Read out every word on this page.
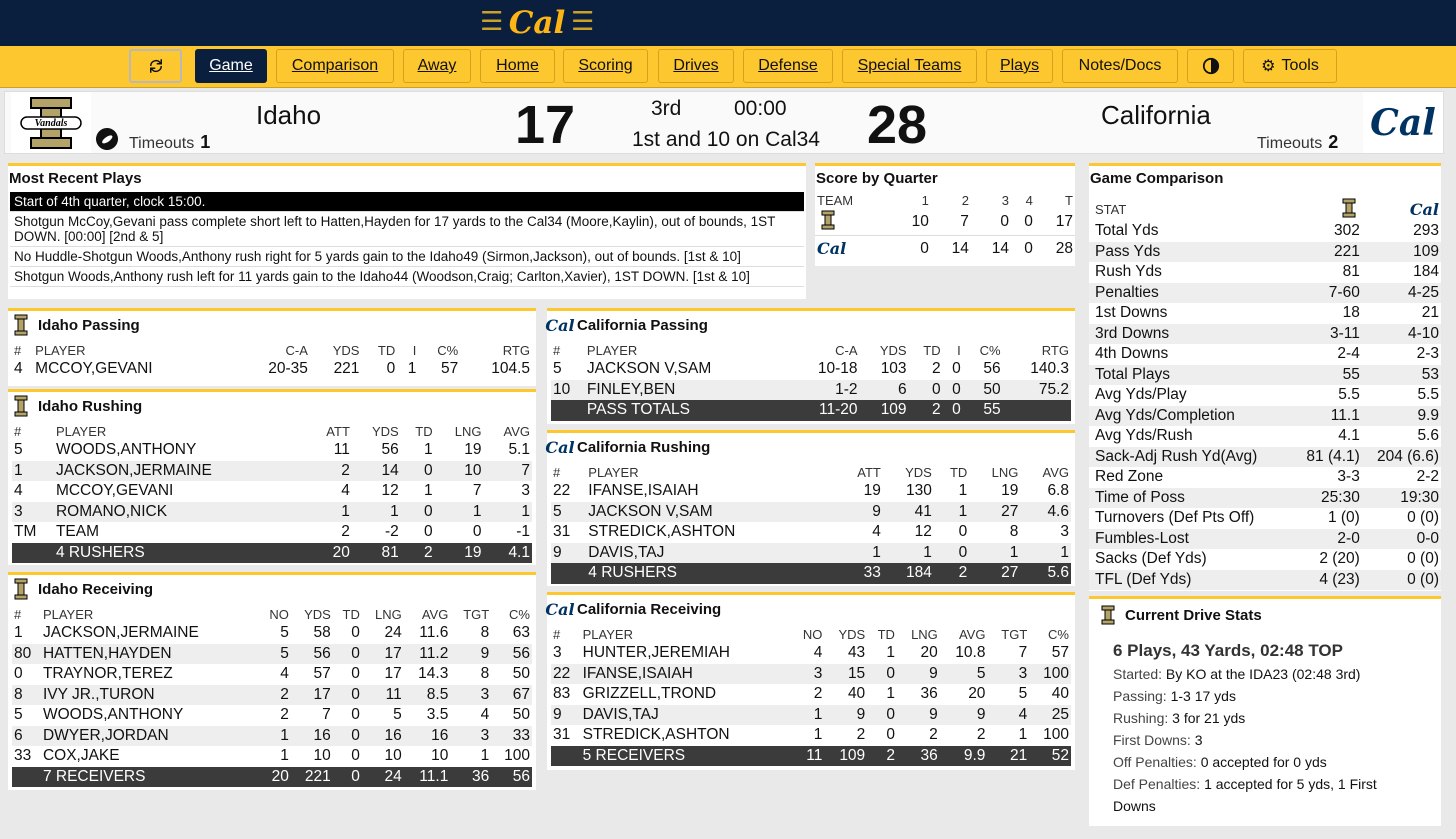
☰ Cal ☰
Game	Comparison	Away	Home	Scoring	Drives	Defense	Special Teams	Plays	Notes/Docs	⚙ Tools
Vandals
Timeouts 1
Idaho	17	3rd	00:00
1st and 10 on Cal34 28	California
Timeouts 2 Cal
Most Recent Plays
Start of 4th quarter, clock 15:00.
Shotgun McCoy,Gevani pass complete short left to Hatten,Hayden for 17 yards to the Cal34 (Moore,Kaylin), out of bounds, 1ST DOWN. [00:00] [2nd & 5]
No Huddle-Shotgun Woods,Anthony rush right for 5 yards gain to the Idaho49 (Sirmon,Jackson), out of bounds. [1st & 10]
Shotgun Woods,Anthony rush left for 11 yards gain to the Idaho44 (Woodson,Craig; Carlton,Xavier), 1ST DOWN. [1st & 10]
Score by Quarter
TEAM	1	2	3	4	T

	10	7	0	0	17
Cal	0	14	14	0	28
Game Comparison
STAT		Cal
Total Yds	302	293
Pass Yds	221	109
Rush Yds	81	184
Penalties	7-60	4-25
1st Downs	18	21
3rd Downs	3-11	4-10
4th Downs	2-4	2-3
Total Plays	55	53
Avg Yds/Play	5.5	5.5
Avg Yds/Completion	11.1	9.9
Avg Yds/Rush	4.1	5.6
Sack-Adj Rush Yd(Avg)	81 (4.1)	204 (6.6)
Red Zone	3-3	2-2
Time of Poss	25:30	19:30
Turnovers (Def Pts Off)	1 (0)	0 (0)
Fumbles-Lost	2-0	0-0
Sacks (Def Yds)	2 (20)	0 (0)
TFL (Def Yds)	4 (23)	0 (0)
Current Drive Stats
6 Plays, 43 Yards, 02:48 TOP
Started: By KO at the IDA23 (02:48 3rd)
Passing: 1-3 17 yds
Rushing: 3 for 21 yds
First Downs: 3
Off Penalties: 0 accepted for 0 yds
Def Penalties: 1 accepted for 5 yds, 1 First Downs
Idaho Passing
#	PLAYER	C-A	YDS	TD	I	C%	RTG
4	MCCOY,GEVANI	20-35	221	0	1	57	104.5
Idaho Rushing
#	PLAYER	ATT	YDS	TD	LNG	AVG
5	WOODS,ANTHONY	11	56	1	19	5.1
1	JACKSON,JERMAINE	2	14	0	10	7
4	MCCOY,GEVANI	4	12	1	7	3
3	ROMANO,NICK	1	1	0	1	1
TM	TEAM	2	-2	0	0	-1
	4 RUSHERS	20	81	2	19	4.1
Idaho Receiving
#	PLAYER	NO	YDS	TD	LNG	AVG	TGT	C%
1	JACKSON,JERMAINE	5	58	0	24	11.6	8	63
80	HATTEN,HAYDEN	5	56	0	17	11.2	9	56
0	TRAYNOR,TEREZ	4	57	0	17	14.3	8	50
8	IVY JR.,TURON	2	17	0	11	8.5	3	67
5	WOODS,ANTHONY	2	7	0	5	3.5	4	50
6	DWYER,JORDAN	1	16	0	16	16	3	33
33	COX,JAKE	1	10	0	10	10	1	100
	7 RECEIVERS	20	221	0	24	11.1	36	56
Cal California Passing
#	PLAYER	C-A	YDS	TD	I	C%	RTG
5	JACKSON V,SAM	10-18	103	2	0	56	140.3
10	FINLEY,BEN	1-2	6	0	0	50	75.2
	PASS TOTALS	11-20	109	2	0	55	
Cal California Rushing
#	PLAYER	ATT	YDS	TD	LNG	AVG
22	IFANSE,ISAIAH	19	130	1	19	6.8
5	JACKSON V,SAM	9	41	1	27	4.6
31	STREDICK,ASHTON	4	12	0	8	3
9	DAVIS,TAJ	1	1	0	1	1
	4 RUSHERS	33	184	2	27	5.6
Cal California Receiving
#	PLAYER	NO	YDS	TD	LNG	AVG	TGT	C%
3	HUNTER,JEREMIAH	4	43	1	20	10.8	7	57
22	IFANSE,ISAIAH	3	15	0	9	5	3	100
83	GRIZZELL,TROND	2	40	1	36	20	5	40
9	DAVIS,TAJ	1	9	0	9	9	4	25
31	STREDICK,ASHTON	1	2	0	2	2	1	100
	5 RECEIVERS	11	109	2	36	9.9	21	52
